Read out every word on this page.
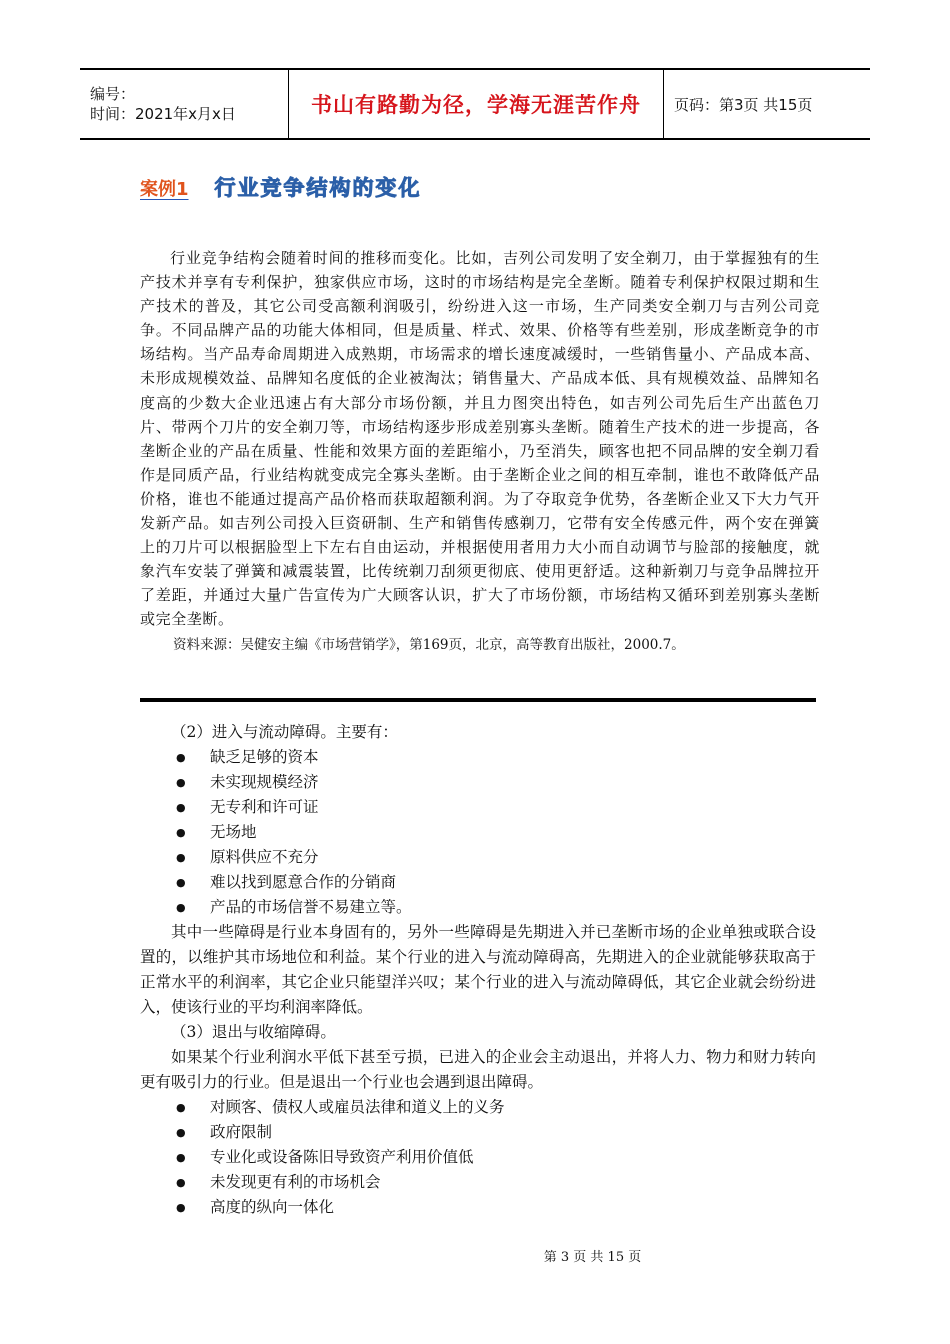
编号：
时间：2021年x月x日	书山有路勤为径，学海无涯苦作舟 页码：第3页 共15页
案例1 行业竞争结构的变化

行业竞争结构会随着时间的推移而变化。比如，吉列公司发明了安全剃刀，由于掌握独有的生产技术并享有专利保护，独家供应市场，这时的市场结构是完全垄断。随着专利保护权限过期和生产技术的普及，其它公司受高额利润吸引，纷纷进入这一市场，生产同类安全剃刀与吉列公司竞争。不同品牌产品的功能大体相同，但是质量、样式、效果、价格等有些差别，形成垄断竞争的市场结构。当产品寿命周期进入成熟期，市场需求的增长速度减缓时，一些销售量小、产品成本高、未形成规模效益、品牌知名度低的企业被淘汰；销售量大、产品成本低、具有规模效益、品牌知名度高的少数大企业迅速占有大部分市场份额，并且力图突出特色，如吉列公司先后生产出蓝色刀片、带两个刀片的安全剃刀等，市场结构逐步形成差别寡头垄断。随着生产技术的进一步提高，各垄断企业的产品在质量、性能和效果方面的差距缩小，乃至消失，顾客也把不同品牌的安全剃刀看作是同质产品，行业结构就变成完全寡头垄断。由于垄断企业之间的相互牵制，谁也不敢降低产品价格，谁也不能通过提高产品价格而获取超额利润。为了夺取竞争优势，各垄断企业又下大力气开发新产品。如吉列公司投入巨资研制、生产和销售传感剃刀，它带有安全传感元件，两个安在弹簧上的刀片可以根据脸型上下左右自由运动，并根据使用者用力大小而自动调节与脸部的接触度，就象汽车安装了弹簧和减震装置，比传统剃刀刮须更彻底、使用更舒适。这种新剃刀与竞争品牌拉开了差距，并通过大量广告宣传为广大顾客认识，扩大了市场份额，市场结构又循环到差别寡头垄断或完全垄断。

资料来源：吴健安主编《市场营销学》，第169页，北京，高等教育出版社，2000.7。

（2）进入与流动障碍。主要有：

●	缺乏足够的资本
●	未实现规模经济
●	无专利和许可证
●	无场地
●	原料供应不充分
●	难以找到愿意合作的分销商
●	产品的市场信誉不易建立等。

其中一些障碍是行业本身固有的，另外一些障碍是先期进入并已垄断市场的企业单独或联合设置的，以维护其市场地位和利益。某个行业的进入与流动障碍高，先期进入的企业就能够获取高于正常水平的利润率，其它企业只能望洋兴叹；某个行业的进入与流动障碍低，其它企业就会纷纷进入，使该行业的平均利润率降低。

（3）退出与收缩障碍。

如果某个行业利润水平低下甚至亏损，已进入的企业会主动退出，并将人力、物力和财力转向更有吸引力的行业。但是退出一个行业也会遇到退出障碍。

●	对顾客、债权人或雇员法律和道义上的义务
●	政府限制
●	专业化或设备陈旧导致资产利用价值低
●	未发现更有利的市场机会
●	高度的纵向一体化
第 3 页 共 15 页
